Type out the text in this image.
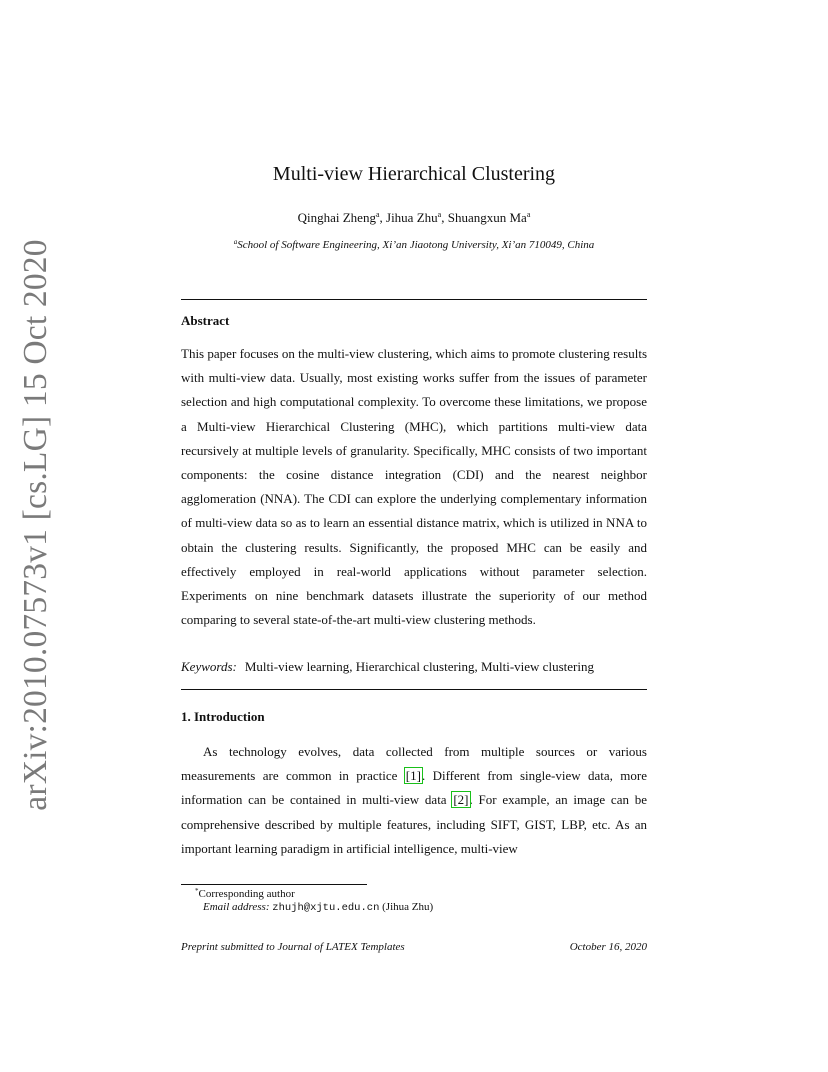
arXiv:2010.07573v1 [cs.LG] 15 Oct 2020
Multi-view Hierarchical Clustering
Qinghai Zheng$^a$, Jihua Zhu$^a$, Shuangxun Ma$^a$
$^a$School of Software Engineering, Xi’an Jiaotong University, Xi’an 710049, China
Abstract
This paper focuses on the multi-view clustering, which aims to promote clustering results with multi-view data. Usually, most existing works suffer from the issues of parameter selection and high computational complexity. To overcome these limitations, we propose a Multi-view Hierarchical Clustering (MHC), which partitions multi-view data recursively at multiple levels of granularity. Specifically, MHC consists of two important components: the cosine distance integration (CDI) and the nearest neighbor agglomeration (NNA). The CDI can explore the underlying complementary information of multi-view data so as to learn an essential distance matrix, which is utilized in NNA to obtain the clustering results. Significantly, the proposed MHC can be easily and effectively employed in real-world applications without parameter selection. Experiments on nine benchmark datasets illustrate the superiority of our method comparing to several state-of-the-art multi-view clustering methods.
Keywords: Multi-view learning, Hierarchical clustering, Multi-view clustering
1. Introduction
As technology evolves, data collected from multiple sources or various measurements are common in practice [1]. Different from single-view data, more information can be contained in multi-view data [2]. For example, an image can be comprehensive described by multiple features, including SIFT, GIST, LBP, etc. As an important learning paradigm in artificial intelligence, multi-view
*Corresponding author
Email address: zhujh@xjtu.edu.cn (Jihua Zhu)
Preprint submitted to Journal of LATEX Templates	October 16, 2020
